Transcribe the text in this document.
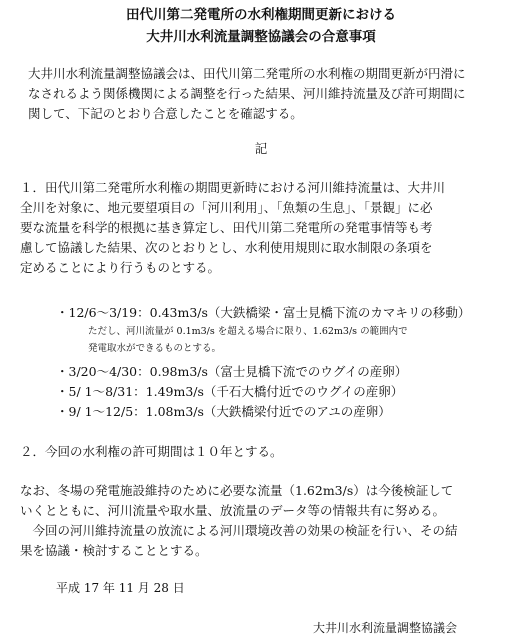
田代川第二発電所の水利権期間更新における
大井川水利流量調整協議会の合意事項
大井川水利流量調整協議会は、田代川第二発電所の水利権の期間更新が円滑に
なされるよう関係機関による調整を行った結果、河川維持流量及び許可期間に
関して、下記のとおり合意したことを確認する。
記
１．田代川第二発電所水利権の期間更新時における河川維持流量は、大井川
全川を対象に、地元要望項目の「河川利用」、「魚類の生息」、「景観」に必
要な流量を科学的根拠に基き算定し、田代川第二発電所の発電事情等も考
慮して協議した結果、次のとおりとし、水利使用規則に取水制限の条項を
定めることにより行うものとする。
・12/6～3/19：0.43m3/s（大鉄橋梁・富士見橋下流のカマキリの移動）
ただし、河川流量が 0.1m3/s を超える場合に限り、1.62m3/s の範囲内で
発電取水ができるものとする。
・3/20～4/30：0.98m3/s（富士見橋下流でのウグイの産卵）
・5/ 1～8/31：1.49m3/s（千石大橋付近でのウグイの産卵）
・9/ 1～12/5：1.08m3/s（大鉄橋梁付近でのアユの産卵）
２．今回の水利権の許可期間は１０年とする。
なお、冬場の発電施設維持のために必要な流量（1.62m3/s）は今後検証して
いくとともに、河川流量や取水量、放流量のデータ等の情報共有に努める。
　今回の河川維持流量の放流による河川環境改善の効果の検証を行い、その結
果を協議・検討することとする。
平成 17 年 11 月 28 日
大井川水利流量調整協議会
